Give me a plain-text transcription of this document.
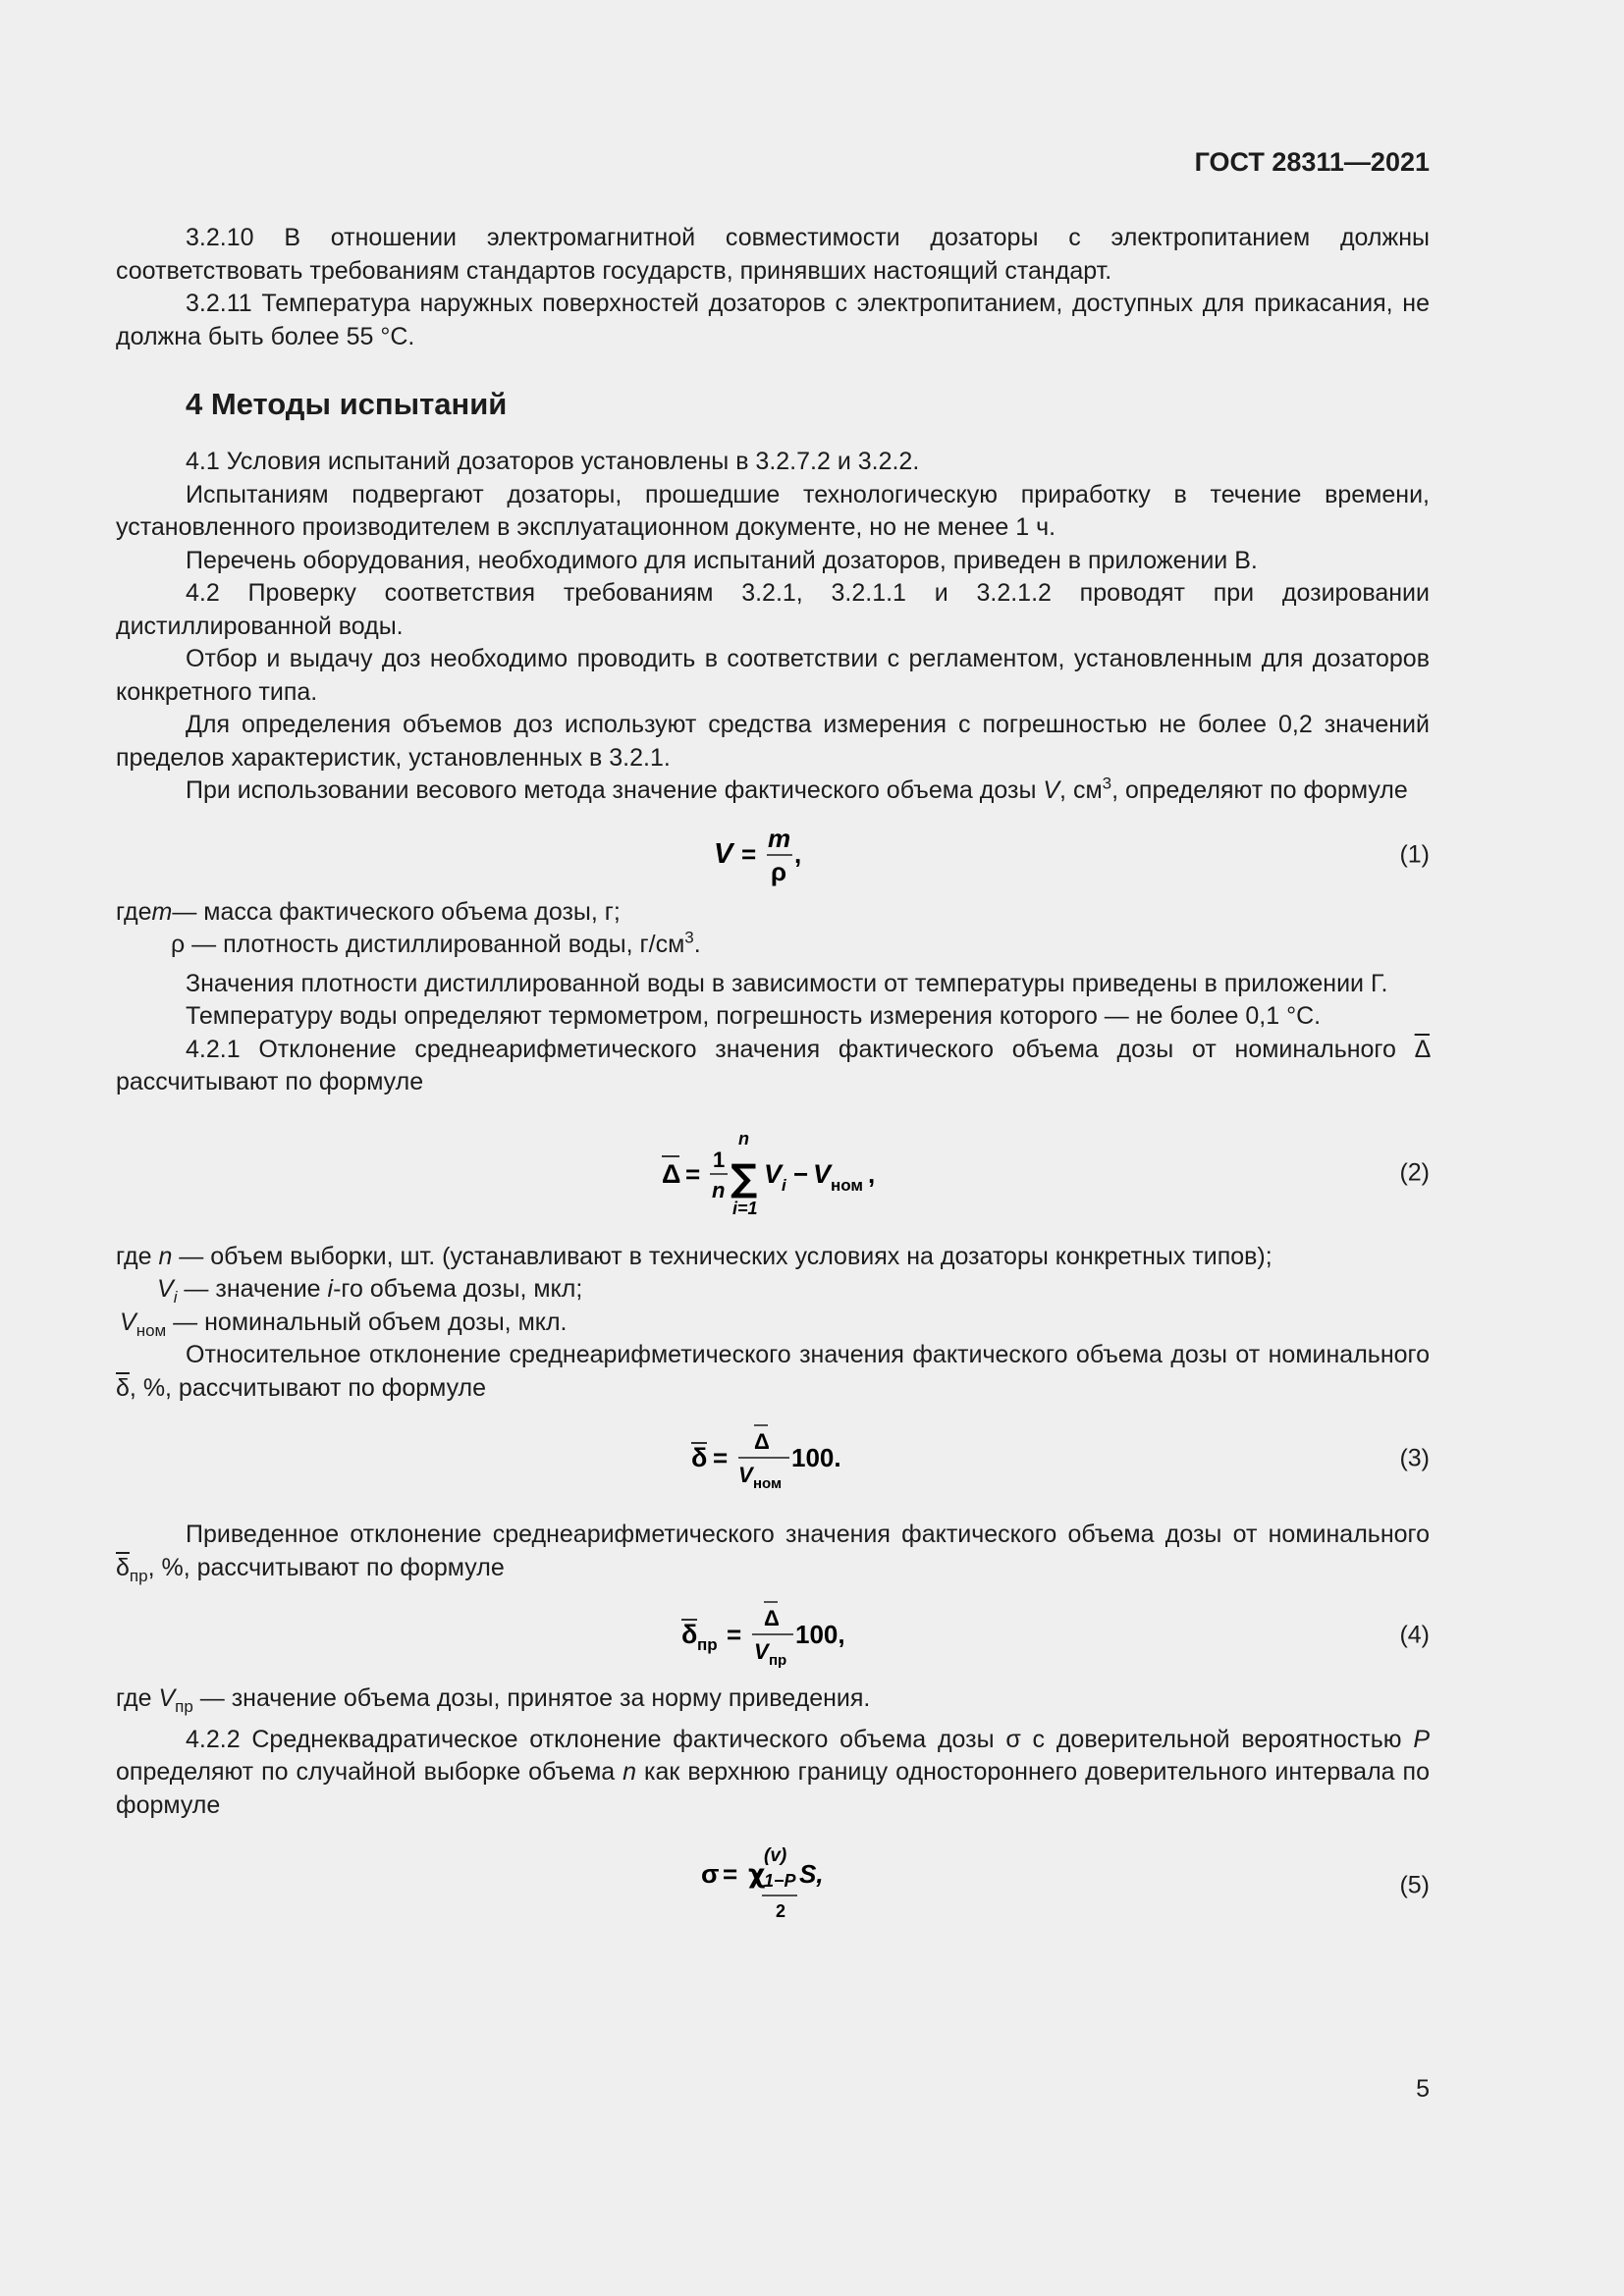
ГОСТ 28311—2021

3.2.10 В отношении электромагнитной совместимости дозаторы с электропитанием должны соответствовать требованиям стандартов государств, принявших настоящий стандарт.

3.2.11 Температура наружных поверхностей дозаторов с электропитанием, доступных для прикасания, не должна быть более 55 °С.

4 Методы испытаний

4.1 Условия испытаний дозаторов установлены в 3.2.7.2 и 3.2.2.

Испытаниям подвергают дозаторы, прошедшие технологическую приработку в течение времени, установленного производителем в эксплуатационном документе, но не менее 1 ч.

Перечень оборудования, необходимого для испытаний дозаторов, приведен в приложении В.

4.2 Проверку соответствия требованиям 3.2.1, 3.2.1.1 и 3.2.1.2 проводят при дозировании дистиллированной воды.

Отбор и выдачу доз необходимо проводить в соответствии с регламентом, установленным для дозаторов конкретного типа.

Для определения объемов доз используют средства измерения с погрешностью не более 0,2 значений пределов характеристик, установленных в 3.2.1.

При использовании весового метода значение фактического объема дозы V, $см^3$, определяют по формуле

V =
m
ρ
,	(1)

где m — масса фактического объема дозы, г;

ρ — плотность дистиллированной воды, $г/см^3$.

Значения плотности дистиллированной воды в зависимости от температуры приведены в приложении Г.

Температуру воды определяют термометром, погрешность измерения которого — не более 0,1 °С.

4.2.1 Отклонение среднеарифметического значения фактического объема дозы от номинального $\overline{\Delta}$ рассчитывают по формуле

Δ = 1
n
n
∑
i=1
V i − V ном ,	(2)

где n — объем выборки, шт. (устанавливают в технических условиях на дозаторы конкретных типов);

$V_i$ — значение i-го объема дозы, мкл;

$V_{ном}$ — номинальный объем дозы, мкл.

Относительное отклонение среднеарифметического значения фактического объема дозы от номинального $\overline{\delta}$, %, рассчитывают по формуле

δ =
Δ
V ном
100.	(3)

Приведенное отклонение среднеарифметического значения фактического объема дозы от номинального $\overline{\delta}_{пр}$, %, рассчитывают по формуле

δ пр =
Δ
V пр
100,	(4)

где $V_{пр}$ — значение объема дозы, принятое за норму приведения.

4.2.2 Среднеквадратическое отклонение фактического объема дозы σ с доверительной вероятностью P определяют по случайной выборке объема n как верхнюю границу одностороннего доверительного интервала по формуле

σ = χ
(v)
1−P
2
S,	(5)
5
